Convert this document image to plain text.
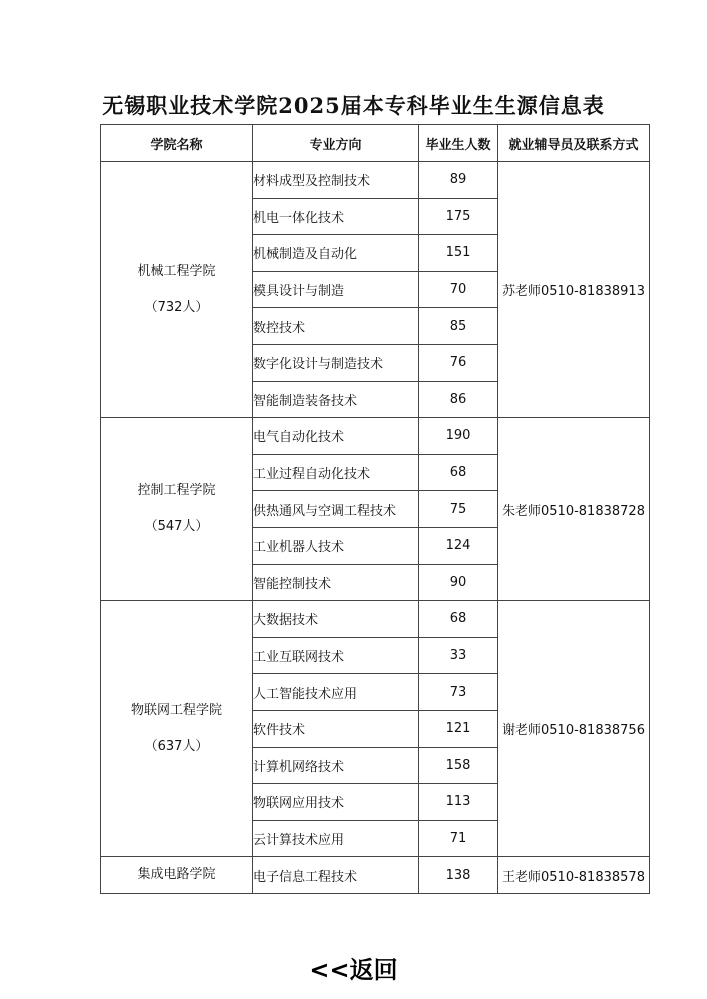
无锡职业技术学院2025届本专科毕业生生源信息表
学院名称	专业方向	毕业生人数	就业辅导员及联系方式

机械工程学院
（732人）	材料成型及控制技术	89	苏老师0510-81838913
	机电一体化技术	175	
	机械制造及自动化	151	
	模具设计与制造	70	
	数控技术	85	
	数字化设计与制造技术	76	
	智能制造装备技术	86	

控制工程学院
（547人）	电气自动化技术	190	朱老师0510-81838728
	工业过程自动化技术	68	
	供热通风与空调工程技术	75	
	工业机器人技术	124	
	智能控制技术	90	

物联网工程学院
（637人）	大数据技术	68	谢老师0510-81838756
	工业互联网技术	33	
	人工智能技术应用	73	
	软件技术	121	
	计算机网络技术	158	
	物联网应用技术	113	
	云计算技术应用	71	

集成电路学院	电子信息工程技术	138	王老师0510-81838578
<<返回
